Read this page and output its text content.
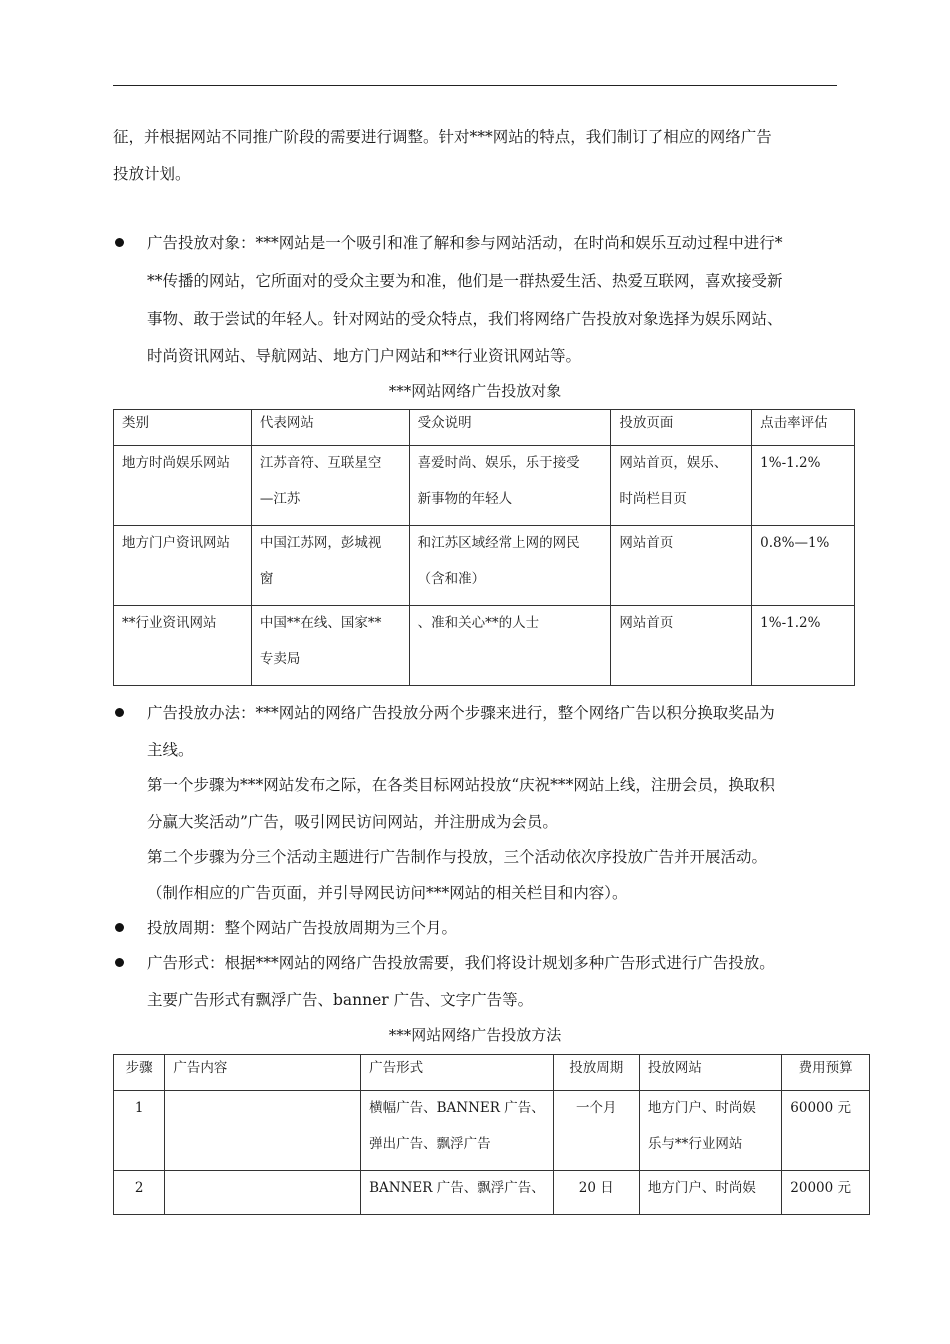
征，并根据网站不同推广阶段的需要进行调整。针对***网站的特点，我们制订了相应的网络广告
投放计划。
广告投放对象：***网站是一个吸引和准了解和参与网站活动，在时尚和娱乐互动过程中进行*
**传播的网站，它所面对的受众主要为和准，他们是一群热爱生活、热爱互联网，喜欢接受新
事物、敢于尝试的年轻人。针对网站的受众特点，我们将网络广告投放对象选择为娱乐网站、
时尚资讯网站、导航网站、地方门户网站和**行业资讯网站等。
***网站网络广告投放对象
类别	代表网站	受众说明	投放页面	点击率评估

地方时尚娱乐网站	江苏音符、互联星空
—江苏	喜爱时尚、娱乐，乐于接受
新事物的年轻人	网站首页，娱乐、
时尚栏目页	1%-1.2%

地方门户资讯网站	中国江苏网，彭城视
窗	和江苏区域经常上网的网民
（含和准）	网站首页	0.8%—1%

**行业资讯网站	中国**在线、国家**
专卖局	、准和关心**的人士	网站首页	1%-1.2%
广告投放办法：***网站的网络广告投放分两个步骤来进行，整个网络广告以积分换取奖品为
主线。
第一个步骤为***网站发布之际，在各类目标网站投放“庆祝***网站上线，注册会员，换取积
分赢大奖活动”广告，吸引网民访问网站，并注册成为会员。
第二个步骤为分三个活动主题进行广告制作与投放，三个活动依次序投放广告并开展活动。
（制作相应的广告页面，并引导网民访问***网站的相关栏目和内容）。
投放周期：整个网站广告投放周期为三个月。
广告形式：根据***网站的网络广告投放需要，我们将设计规划多种广告形式进行广告投放。
主要广告形式有飘浮广告、banner 广告、文字广告等。
***网站网络广告投放方法
步骤	广告内容	广告形式	投放周期	投放网站	费用预算

1		横幅广告、BANNER 广告、
弹出广告、飘浮广告	一个月	地方门户、时尚娱
乐与**行业网站	60000 元

2		BANNER 广告、飘浮广告、	20 日	地方门户、时尚娱	20000 元
